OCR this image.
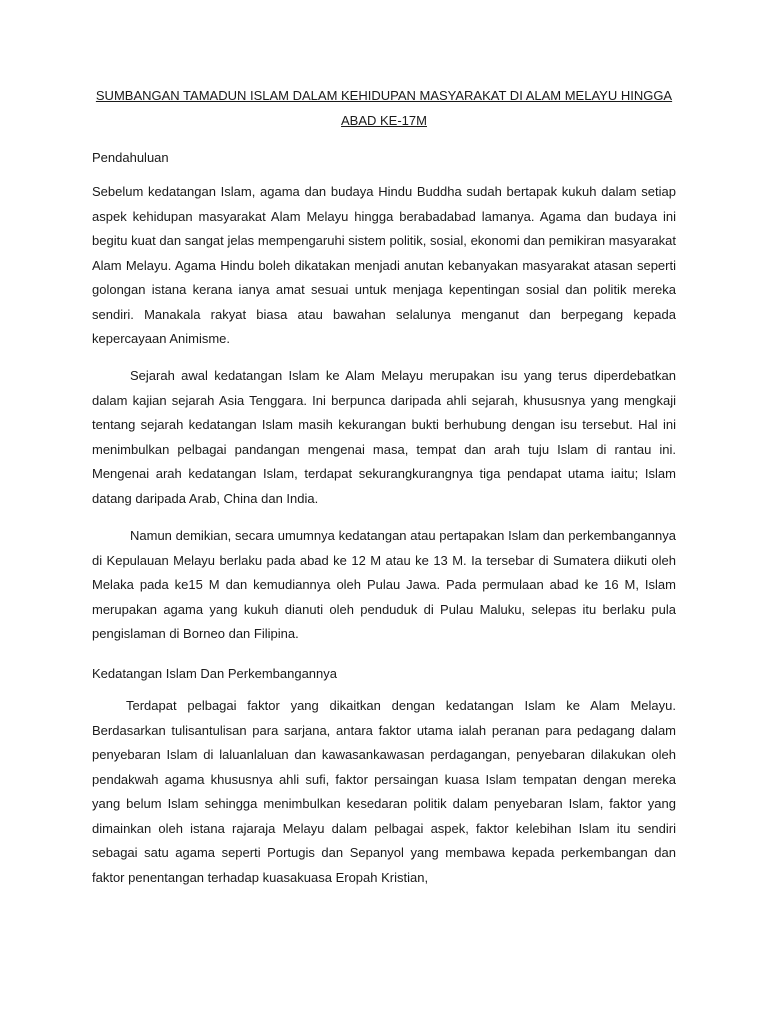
SUMBANGAN TAMADUN ISLAM DALAM KEHIDUPAN MASYARAKAT DI ALAM MELAYU HINGGA
ABAD KE-17M
Pendahuluan

Sebelum kedatangan Islam, agama dan budaya Hindu Buddha sudah bertapak kukuh dalam setiap aspek kehidupan masyarakat Alam Melayu hingga berabadabad lamanya. Agama dan budaya ini begitu kuat dan sangat jelas mempengaruhi sistem politik, sosial, ekonomi dan pemikiran masyarakat Alam Melayu. Agama Hindu boleh dikatakan menjadi anutan kebanyakan masyarakat atasan seperti golongan istana kerana ianya amat sesuai untuk menjaga kepentingan sosial dan politik mereka sendiri. Manakala rakyat biasa atau bawahan selalunya menganut dan berpegang kepada kepercayaan Animisme.

Sejarah awal kedatangan Islam ke Alam Melayu merupakan isu yang terus diperdebatkan dalam kajian sejarah Asia Tenggara. Ini berpunca daripada ahli sejarah, khususnya yang mengkaji tentang sejarah kedatangan Islam masih kekurangan bukti berhubung dengan isu tersebut. Hal ini menimbulkan pelbagai pandangan mengenai masa, tempat dan arah tuju Islam di rantau ini. Mengenai arah kedatangan Islam, terdapat sekurangkurangnya tiga pendapat utama iaitu; Islam datang daripada Arab, China dan India.

Namun demikian, secara umumnya kedatangan atau pertapakan Islam dan perkembangannya di Kepulauan Melayu berlaku pada abad ke 12 M atau ke 13 M. Ia tersebar di Sumatera diikuti oleh Melaka pada ke15 M dan kemudiannya oleh Pulau Jawa. Pada permulaan abad ke 16 M, Islam merupakan agama yang kukuh dianuti oleh penduduk di Pulau Maluku, selepas itu berlaku pula pengislaman di Borneo dan Filipina.

Kedatangan Islam Dan Perkembangannya

Terdapat pelbagai faktor yang dikaitkan dengan kedatangan Islam ke Alam Melayu. Berdasarkan tulisantulisan para sarjana, antara faktor utama ialah peranan para pedagang dalam penyebaran Islam di laluanlaluan dan kawasankawasan perdagangan, penyebaran dilakukan oleh pendakwah agama khususnya ahli sufi, faktor persaingan kuasa Islam tempatan dengan mereka yang belum Islam sehingga menimbulkan kesedaran politik dalam penyebaran Islam, faktor yang dimainkan oleh istana rajaraja Melayu dalam pelbagai aspek, faktor kelebihan Islam itu sendiri sebagai satu agama seperti Portugis dan Sepanyol yang membawa kepada perkembangan dan faktor penentangan terhadap kuasakuasa Eropah Kristian,
